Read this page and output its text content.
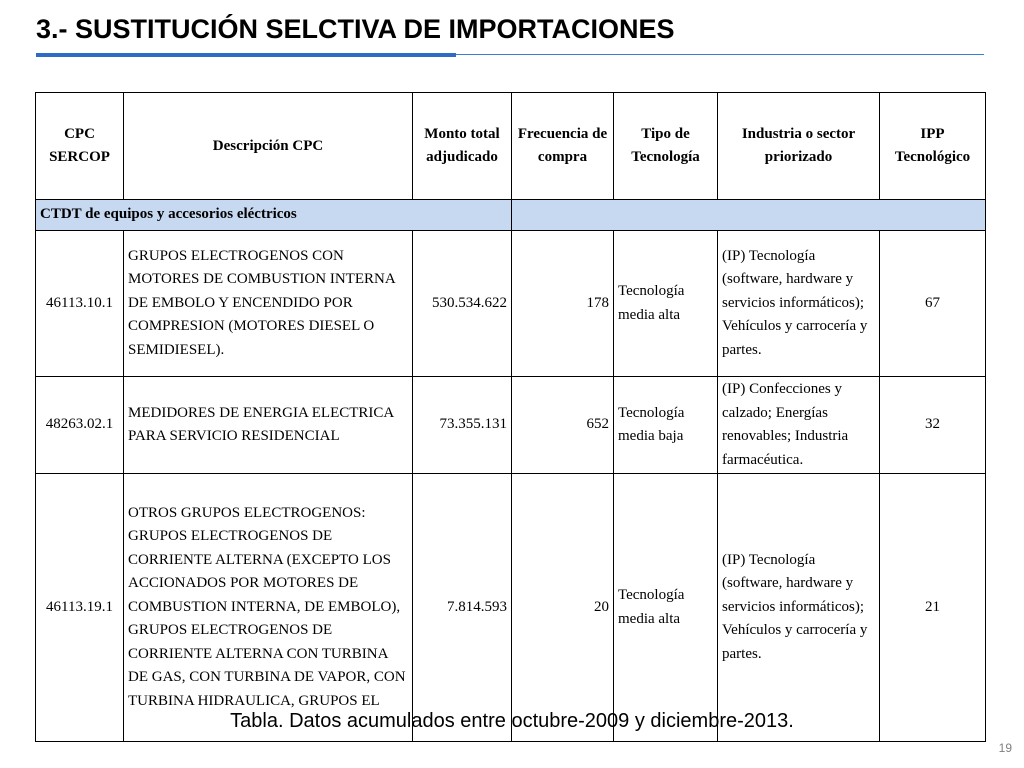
3.- SUSTITUCIÓN SELCTIVA DE IMPORTACIONES
CPC SERCOP	Descripción CPC	Monto total adjudicado	Frecuencia de compra	Tipo de Tecnología	Industria o sector priorizado	IPP Tecnológico
CTDT de equipos y accesorios eléctricos						
46113.10.1	GRUPOS ELECTROGENOS CON MOTORES DE COMBUSTION INTERNA DE EMBOLO Y ENCENDIDO POR COMPRESION (MOTORES DIESEL O SEMIDIESEL).	530.534.622	178	Tecnología media alta	(IP) Tecnología (software, hardware y servicios informáticos); Vehículos y carrocería y partes.	67
48263.02.1	MEDIDORES DE ENERGIA ELECTRICA PARA SERVICIO RESIDENCIAL	73.355.131	652	Tecnología media baja	(IP) Confecciones y calzado; Energías renovables; Industria farmacéutica.	32
46113.19.1	OTROS GRUPOS ELECTROGENOS: GRUPOS ELECTROGENOS DE CORRIENTE ALTERNA (EXCEPTO LOS ACCIONADOS POR MOTORES DE COMBUSTION INTERNA, DE EMBOLO), GRUPOS ELECTROGENOS DE CORRIENTE ALTERNA CON TURBINA DE GAS, CON TURBINA DE VAPOR, CON TURBINA HIDRAULICA, GRUPOS EL	7.814.593	20	Tecnología media alta	(IP) Tecnología (software, hardware y servicios informáticos); Vehículos y carrocería y partes.	21
Tabla. Datos acumulados entre octubre-2009 y diciembre-2013.
19
